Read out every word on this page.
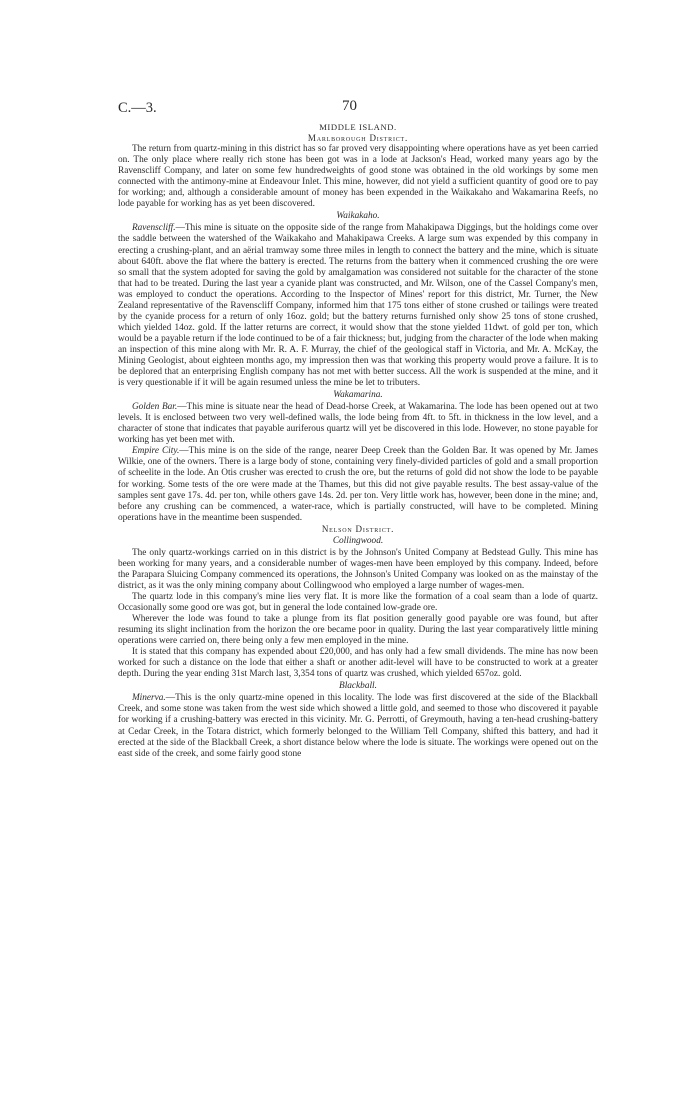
C.—3.	70
MIDDLE ISLAND.
Marlborough District.

The return from quartz-mining in this district has so far proved very disappointing where operations have as yet been carried on. The only place where really rich stone has been got was in a lode at Jackson's Head, worked many years ago by the Ravenscliff Company, and later on some few hundredweights of good stone was obtained in the old workings by some men connected with the antimony-mine at Endeavour Inlet. This mine, however, did not yield a sufficient quantity of good ore to pay for working; and, although a considerable amount of money has been expended in the Waikakaho and Wakamarina Reefs, no lode payable for working has as yet been discovered.

Waikakaho.

Ravenscliff.—This mine is situate on the opposite side of the range from Mahakipawa Diggings, but the holdings come over the saddle between the watershed of the Waikakaho and Mahakipawa Creeks. A large sum was expended by this company in erecting a crushing-plant, and an aërial tramway some three miles in length to connect the battery and the mine, which is situate about 640ft. above the flat where the battery is erected. The returns from the battery when it commenced crushing the ore were so small that the system adopted for saving the gold by amalgamation was considered not suitable for the character of the stone that had to be treated. During the last year a cyanide plant was constructed, and Mr. Wilson, one of the Cassel Company's men, was employed to conduct the operations. According to the Inspector of Mines' report for this district, Mr. Turner, the New Zealand representative of the Ravenscliff Company, informed him that 175 tons either of stone crushed or tailings were treated by the cyanide process for a return of only 16oz. gold; but the battery returns furnished only show 25 tons of stone crushed, which yielded 14oz. gold. If the latter returns are correct, it would show that the stone yielded 11dwt. of gold per ton, which would be a payable return if the lode continued to be of a fair thickness; but, judging from the character of the lode when making an inspection of this mine along with Mr. R. A. F. Murray, the chief of the geological staff in Victoria, and Mr. A. McKay, the Mining Geologist, about eighteen months ago, my impression then was that working this property would prove a failure. It is to be deplored that an enterprising English company has not met with better success. All the work is suspended at the mine, and it is very questionable if it will be again resumed unless the mine be let to tributers.

Wakamarina.

Golden Bar.—This mine is situate near the head of Dead-horse Creek, at Wakamarina. The lode has been opened out at two levels. It is enclosed between two very well-defined walls, the lode being from 4ft. to 5ft. in thickness in the low level, and a character of stone that indicates that payable auriferous quartz will yet be discovered in this lode. However, no stone payable for working has yet been met with.

Empire City.—This mine is on the side of the range, nearer Deep Creek than the Golden Bar. It was opened by Mr. James Wilkie, one of the owners. There is a large body of stone, containing very finely-divided particles of gold and a small proportion of scheelite in the lode. An Otis crusher was erected to crush the ore, but the returns of gold did not show the lode to be payable for working. Some tests of the ore were made at the Thames, but this did not give payable results. The best assay-value of the samples sent gave 17s. 4d. per ton, while others gave 14s. 2d. per ton. Very little work has, however, been done in the mine; and, before any crushing can be commenced, a water-race, which is partially constructed, will have to be completed. Mining operations have in the meantime been suspended.

Nelson District.
Collingwood.

The only quartz-workings carried on in this district is by the Johnson's United Company at Bedstead Gully. This mine has been working for many years, and a considerable number of wages-men have been employed by this company. Indeed, before the Parapara Sluicing Company commenced its operations, the Johnson's United Company was looked on as the mainstay of the district, as it was the only mining company about Collingwood who employed a large number of wages-men.

The quartz lode in this company's mine lies very flat. It is more like the formation of a coal seam than a lode of quartz. Occasionally some good ore was got, but in general the lode contained low-grade ore.

Wherever the lode was found to take a plunge from its flat position generally good payable ore was found, but after resuming its slight inclination from the horizon the ore became poor in quality. During the last year comparatively little mining operations were carried on, there being only a few men employed in the mine.

It is stated that this company has expended about £20,000, and has only had a few small dividends. The mine has now been worked for such a distance on the lode that either a shaft or another adit-level will have to be constructed to work at a greater depth. During the year ending 31st March last, 3,354 tons of quartz was crushed, which yielded 657oz. gold.

Blackball.

Minerva.—This is the only quartz-mine opened in this locality. The lode was first discovered at the side of the Blackball Creek, and some stone was taken from the west side which showed a little gold, and seemed to those who discovered it payable for working if a crushing-battery was erected in this vicinity. Mr. G. Perrotti, of Greymouth, having a ten-head crushing-battery at Cedar Creek, in the Totara district, which formerly belonged to the William Tell Company, shifted this battery, and had it erected at the side of the Blackball Creek, a short distance below where the lode is situate. The workings were opened out on the east side of the creek, and some fairly good stone
